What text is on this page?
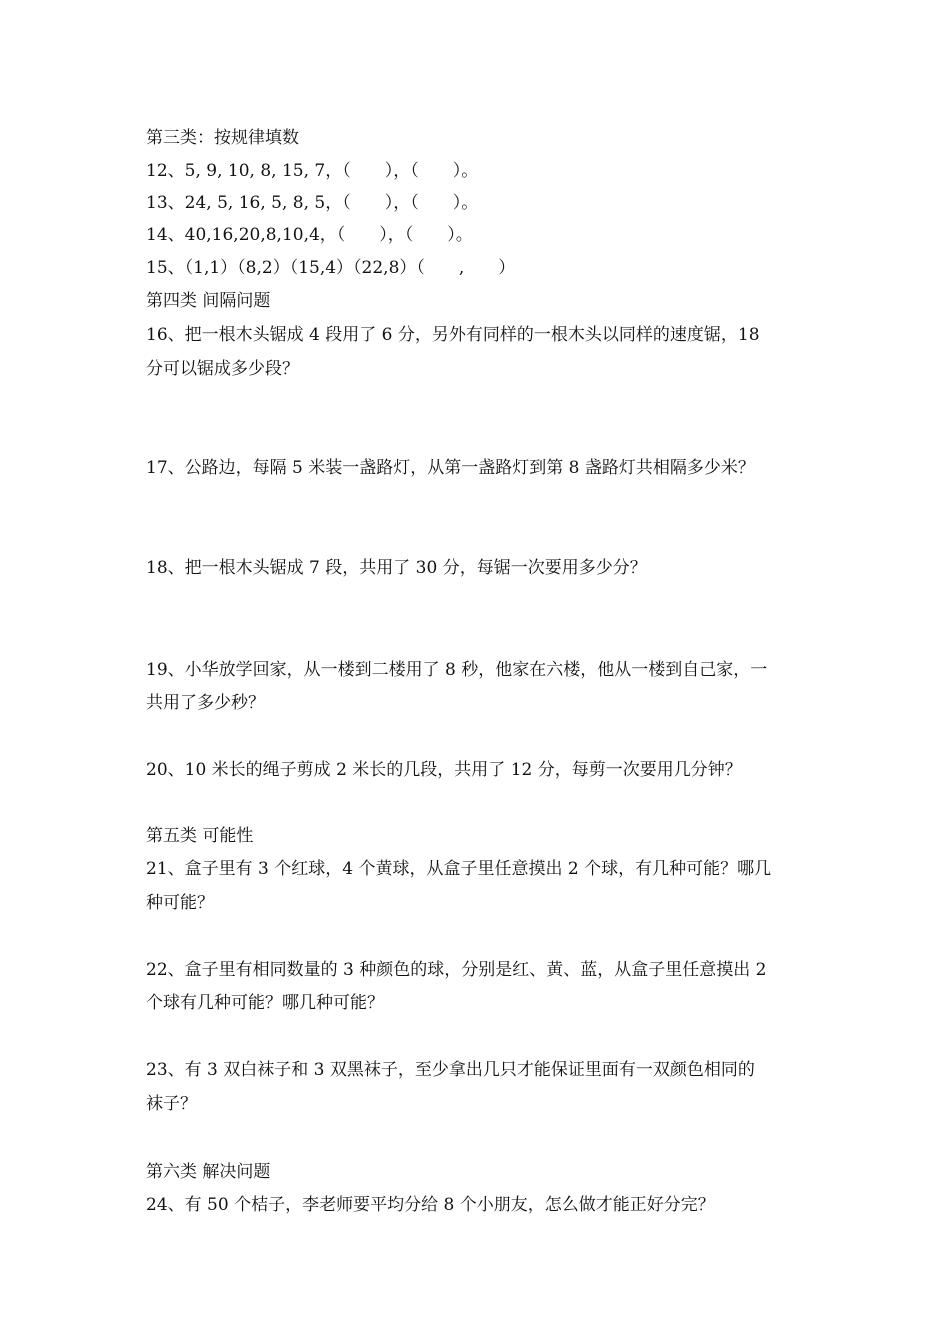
第三类：按规律填数
12、5, 9, 10, 8, 15, 7，（　　），（　　）。
13、24, 5, 16, 5, 8, 5，（　　），（　　）。
14、40,16,20,8,10,4，（　　），（　　）。
15、（1,1）（8,2）（15,4）（22,8）（　　,　　）
第四类 间隔问题
16、把一根木头锯成 4 段用了 6 分，另外有同样的一根木头以同样的速度锯，18
分可以锯成多少段？
17、公路边，每隔 5 米装一盏路灯，从第一盏路灯到第 8 盏路灯共相隔多少米？
18、把一根木头锯成 7 段，共用了 30 分，每锯一次要用多少分？
19、小华放学回家，从一楼到二楼用了 8 秒，他家在六楼，他从一楼到自己家，一
共用了多少秒？
20、10 米长的绳子剪成 2 米长的几段，共用了 12 分，每剪一次要用几分钟？
第五类 可能性
21、盒子里有 3 个红球，4 个黄球，从盒子里任意摸出 2 个球，有几种可能？哪几
种可能？
22、盒子里有相同数量的 3 种颜色的球，分别是红、黄、蓝，从盒子里任意摸出 2
个球有几种可能？哪几种可能？
23、有 3 双白袜子和 3 双黑袜子，至少拿出几只才能保证里面有一双颜色相同的
袜子？
第六类 解决问题
24、有 50 个桔子，李老师要平均分给 8 个小朋友，怎么做才能正好分完？
